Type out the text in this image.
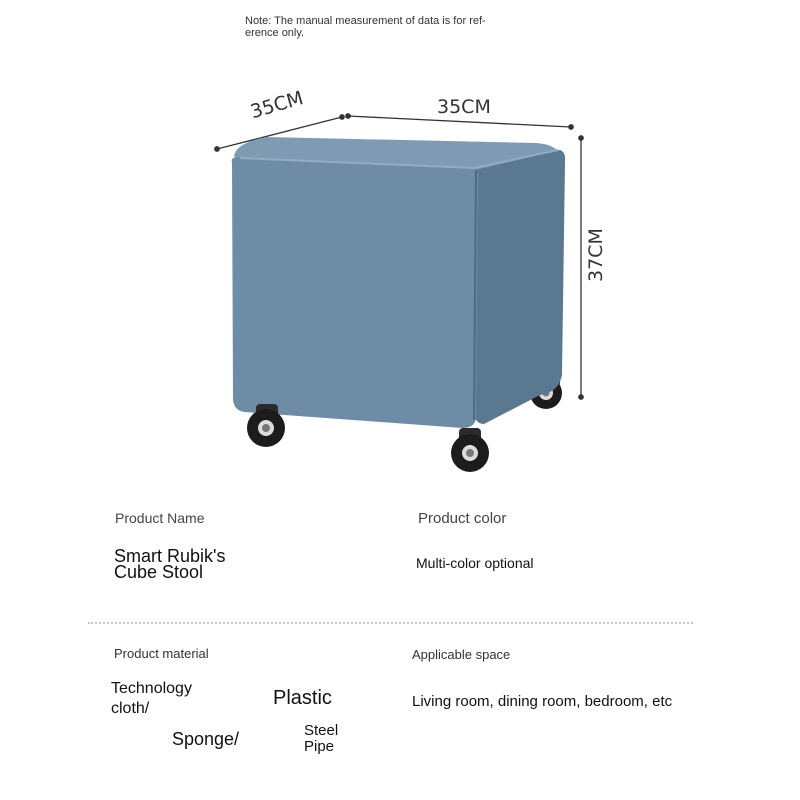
Note: The manual measurement of data is for ref-
erence only.
35CM	35CM
37CM
Product Name
Smart Rubik's
Cube Stool
Product color
Multi-color optional
Product material
Technology
cloth/	Plastic
Sponge/	Steel
Pipe
Applicable space
Living room, dining room, bedroom, etc
